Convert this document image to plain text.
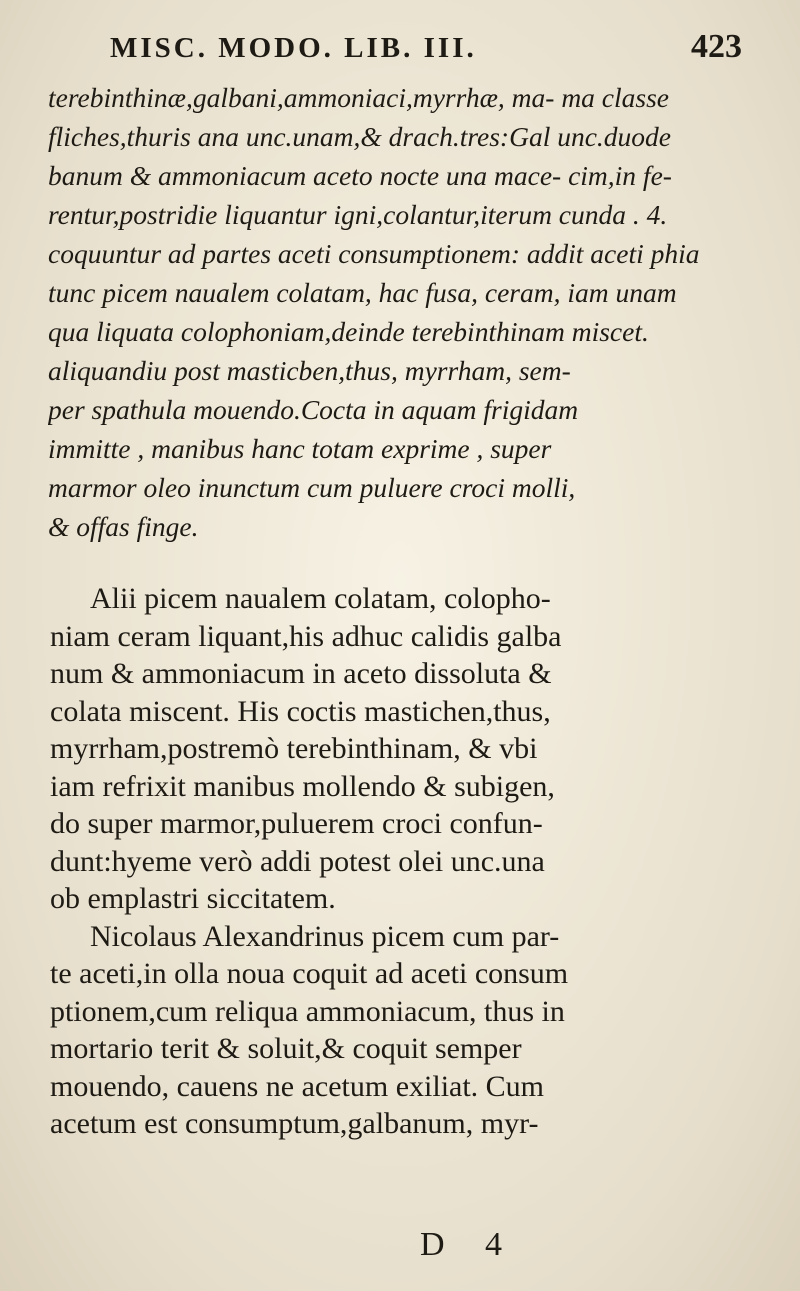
MISC. MODO. LIB. III.	423
terebinthinæ,galbani,ammoniaci,myrrhæ, ma- ma classe
fliches,thuris ana unc.unam,& drach.tres:Gal unc.duode
banum & ammoniacum aceto nocte una mace- cim,in fe-
rentur,postridie liquantur igni,colantur,iterum cunda . 4.
coquuntur ad partes aceti consumptionem: addit aceti phia
tunc picem naualem colatam, hac fusa, ceram, iam unam
qua liquata colophoniam,deinde terebinthinam miscet.
aliquandiu post masticben,thus, myrrham, sem-
per spathula mouendo.Cocta in aquam frigidam
immitte , manibus hanc totam exprime , super
marmor oleo inunctum cum puluere croci molli,
& offas finge.
Alii picem naualem colatam, colopho-
niam ceram liquant,his adhuc calidis galba
num & ammoniacum in aceto dissoluta &
colata miscent. His coctis mastichen,thus,
myrrham,postremò terebinthinam, & vbi
iam refrixit manibus mollendo & subigen,
do super marmor,puluerem croci confun-
dunt:hyeme verò addi potest olei unc.una
ob emplastri siccitatem.
Nicolaus Alexandrinus picem cum par-
te aceti,in olla noua coquit ad aceti consum
ptionem,cum reliqua ammoniacum, thus in
mortario terit & soluit,& coquit semper
mouendo, cauens ne acetum exiliat. Cum
acetum est consumptum,galbanum, myr-
D 4
